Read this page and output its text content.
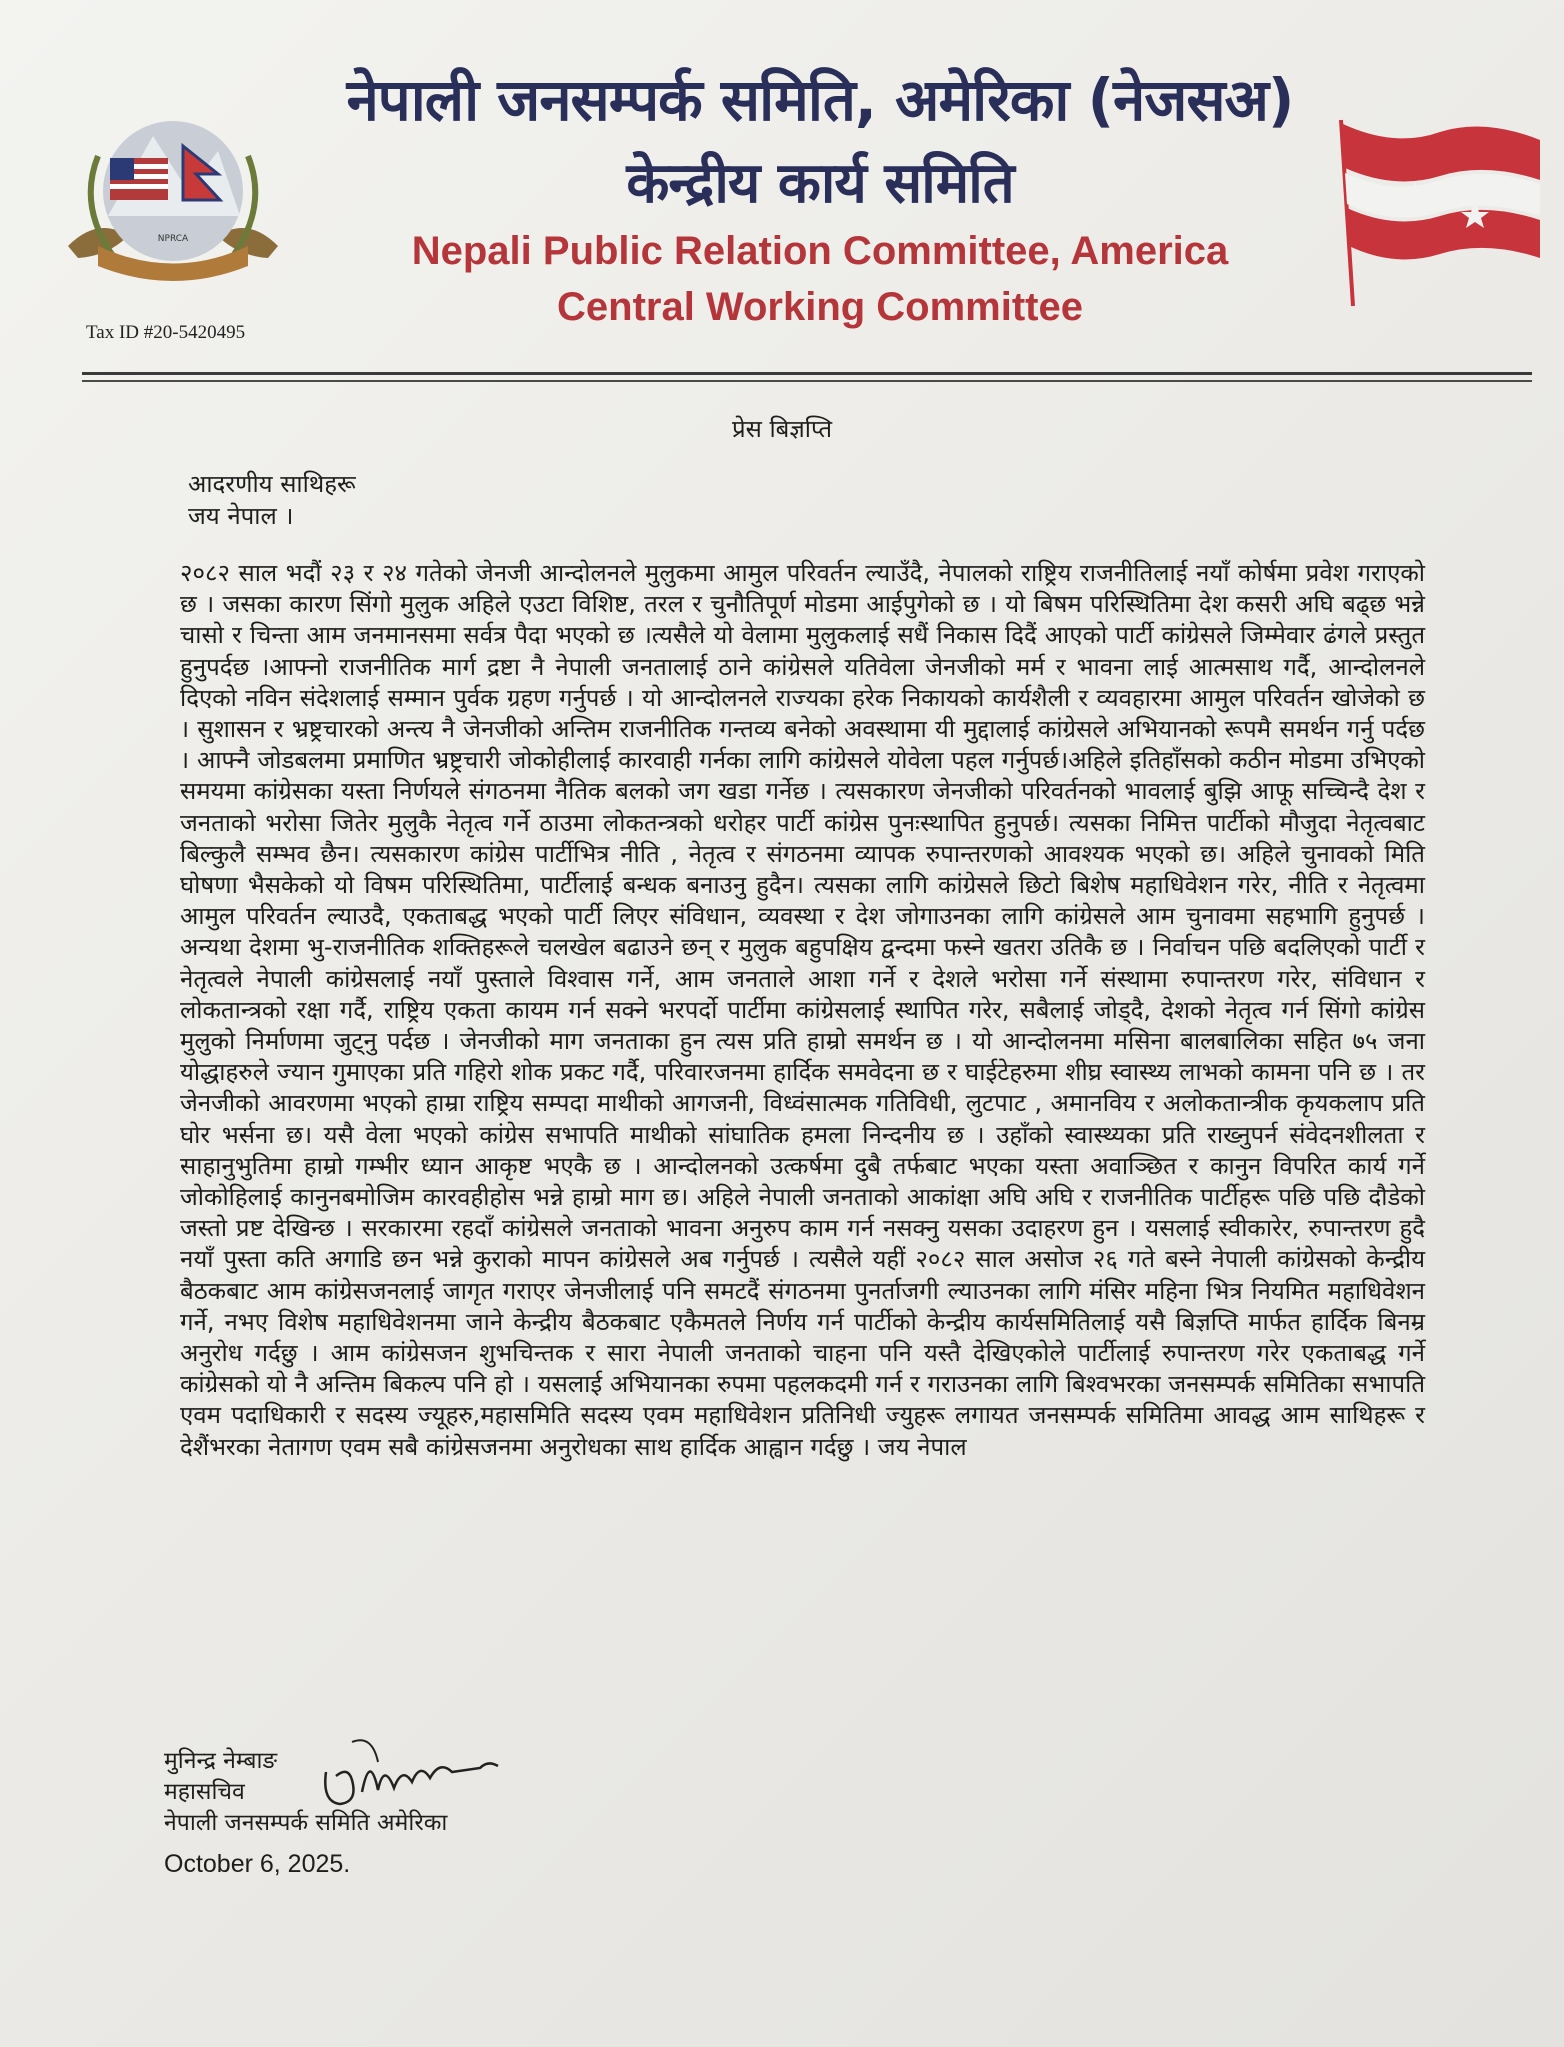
NPRCA
नेपाली जनसम्पर्क समिति, अमेरिका (नेजसअ)
केन्द्रीय कार्य समिति
Nepali Public Relation Committee, America
Central Working Committee
Tax ID #20-5420495
प्रेस बिज्ञप्ति
आदरणीय साथिहरू
जय नेपाल ।
२०८२ साल भदौं २३ र २४ गतेको जेनजी आन्दोलनले मुलुकमा आमुल परिवर्तन ल्याउँदै, नेपालको राष्ट्रिय राजनीतिलाई नयाँ कोर्षमा प्रवेश गराएको छ । जसका कारण सिंगो मुलुक अहिले एउटा विशिष्ट, तरल र चुनौतिपूर्ण मोडमा आईपुगेको छ । यो बिषम परिस्थितिमा देश कसरी अघि बढ्छ भन्ने चासो र चिन्ता आम जनमानसमा सर्वत्र पैदा भएको छ ।त्यसैले यो वेलामा मुलुकलाई सधैं निकास दिदैं आएको पार्टी कांग्रेसले जिम्मेवार ढंगले प्रस्तुत हुनुपर्दछ ।आफ्नो राजनीतिक मार्ग द्रष्टा नै नेपाली जनतालाई ठाने कांग्रेसले यतिवेला जेनजीको मर्म र भावना लाई आत्मसाथ गर्दै, आन्दोलनले दिएको नविन संदेशलाई सम्मान पुर्वक ग्रहण गर्नुपर्छ । यो आन्दोलनले राज्यका हरेक निकायको कार्यशैली र व्यवहारमा आमुल परिवर्तन खोजेको छ । सुशासन र भ्रष्ट्रचारको अन्त्य नै जेनजीको अन्तिम राजनीतिक गन्तव्य बनेको अवस्थामा यी मुद्दालाई कांग्रेसले अभियानको रूपमै समर्थन गर्नु पर्दछ । आफ्नै जोडबलमा प्रमाणित भ्रष्ट्रचारी जोकोहीलाई कारवाही गर्नका लागि कांग्रेसले योवेला पहल गर्नुपर्छ।अहिले इतिहाँसको कठीन मोडमा उभिएको समयमा कांग्रेसका यस्ता निर्णयले संगठनमा नैतिक बलको जग खडा गर्नेछ । त्यसकारण जेनजीको परिवर्तनको भावलाई बुझि आफू सच्चिन्दै देश र जनताको भरोसा जितेर मुलुकै नेतृत्व गर्ने ठाउमा लोकतन्त्रको धरोहर पार्टी कांग्रेस पुनःस्थापित हुनुपर्छ। त्यसका निमित्त पार्टीको मौजुदा नेतृत्वबाट बिल्कुलै सम्भव छैन। त्यसकारण कांग्रेस पार्टीभित्र नीति , नेतृत्व र संगठनमा व्यापक रुपान्तरणको आवश्यक भएको छ। अहिले चुनावको मिति घोषणा भैसकेको यो विषम परिस्थितिमा, पार्टीलाई बन्धक बनाउनु हुदैन। त्यसका लागि कांग्रेसले छिटो बिशेष महाधिवेशन गरेर, नीति र नेतृत्वमा आमुल परिवर्तन ल्याउदै, एकताबद्ध भएको पार्टी लिएर संविधान, व्यवस्था र देश जोगाउनका लागि कांग्रेसले आम चुनावमा सहभागि हुनुपर्छ । अन्यथा देशमा भु-राजनीतिक शक्तिहरूले चलखेल बढाउने छन् र मुलुक बहुपक्षिय द्वन्दमा फस्ने खतरा उतिकै छ । निर्वाचन पछि बदलिएको पार्टी र नेतृत्वले नेपाली कांग्रेसलाई नयाँ पुस्ताले विश्वास गर्ने, आम जनताले आशा गर्ने र देशले भरोसा गर्ने संस्थामा रुपान्तरण गरेर, संविधान र लोकतान्त्रको रक्षा गर्दै, राष्ट्रिय एकता कायम गर्न सक्ने भरपर्दो पार्टीमा कांग्रेसलाई स्थापित गरेर, सबैलाई जोड्दै, देशको नेतृत्व गर्न सिंगो कांग्रेस मुलुको निर्माणमा जुट्नु पर्दछ । जेनजीको माग जनताका हुन त्यस प्रति हाम्रो समर्थन छ । यो आन्दोलनमा मसिना बालबालिका सहित ७५ जना योद्धाहरुले ज्यान गुमाएका प्रति गहिरो शोक प्रकट गर्दै, परिवारजनमा हार्दिक समवेदना छ र घाईटेहरुमा शीघ्र स्वास्थ्य लाभको कामना पनि छ । तर जेनजीको आवरणमा भएको हाम्रा राष्ट्रिय सम्पदा माथीको आगजनी, विध्वंसात्मक गतिविधी, लुटपाट , अमानविय र अलोकतान्त्रीक कृयकलाप प्रति घोर भर्सना छ। यसै वेला भएको कांग्रेस सभापति माथीको सांघातिक हमला निन्दनीय छ । उहाँको स्वास्थ्यका प्रति राख्नुपर्न संवेदनशीलता र साहानुभुतिमा हाम्रो गम्भीर ध्यान आकृष्ट भएकै छ । आन्दोलनको उत्कर्षमा दुबै तर्फबाट भएका यस्ता अवाञ्छित र कानुन विपरित कार्य गर्ने जोकोहिलाई कानुनबमोजिम कारवहीहोस भन्ने हाम्रो माग छ। अहिले नेपाली जनताको आकांक्षा अघि अघि र राजनीतिक पार्टीहरू पछि पछि दौडेको जस्तो प्रष्ट देखिन्छ । सरकारमा रहदाँ कांग्रेसले जनताको भावना अनुरुप काम गर्न नसक्नु यसका उदाहरण हुन । यसलाई स्वीकारेर, रुपान्तरण हुदै नयाँ पुस्ता कति अगाडि छन भन्ने कुराको मापन कांग्रेसले अब गर्नुपर्छ । त्यसैले यहीं २०८२ साल असोज २६ गते बस्ने नेपाली कांग्रेसको केन्द्रीय बैठकबाट आम कांग्रेसजनलाई जागृत गराएर जेनजीलाई पनि समटदैं संगठनमा पुनर्ताजगी ल्याउनका लागि मंसिर महिना भित्र नियमित महाधिवेशन गर्ने, नभए विशेष महाधिवेशनमा जाने केन्द्रीय बैठकबाट एकैमतले निर्णय गर्न पार्टीको केन्द्रीय कार्यसमितिलाई यसै बिज्ञप्ति मार्फत हार्दिक बिनम्र अनुरोध गर्दछु । आम कांग्रेसजन शुभचिन्तक र सारा नेपाली जनताको चाहना पनि यस्तै देखिएकोले पार्टीलाई रुपान्तरण गरेर एकताबद्ध गर्ने कांग्रेसको यो नै अन्तिम बिकल्प पनि हो । यसलाई अभियानका रुपमा पहलकदमी गर्न र गराउनका लागि बिश्वभरका जनसम्पर्क समितिका सभापति एवम पदाधिकारी र सदस्य ज्यूहरु,महासमिति सदस्य एवम महाधिवेशन प्रतिनिधी ज्युहरू लगायत जनसम्पर्क समितिमा आवद्ध आम साथिहरू र देशैंभरका नेतागण एवम सबै कांग्रेसजनमा अनुरोधका साथ हार्दिक आह्वान गर्दछु । जय नेपाल
मुनिन्द्र नेम्बाङ
महासचिव
नेपाली जनसम्पर्क समिति अमेरिका
October 6, 2025.
